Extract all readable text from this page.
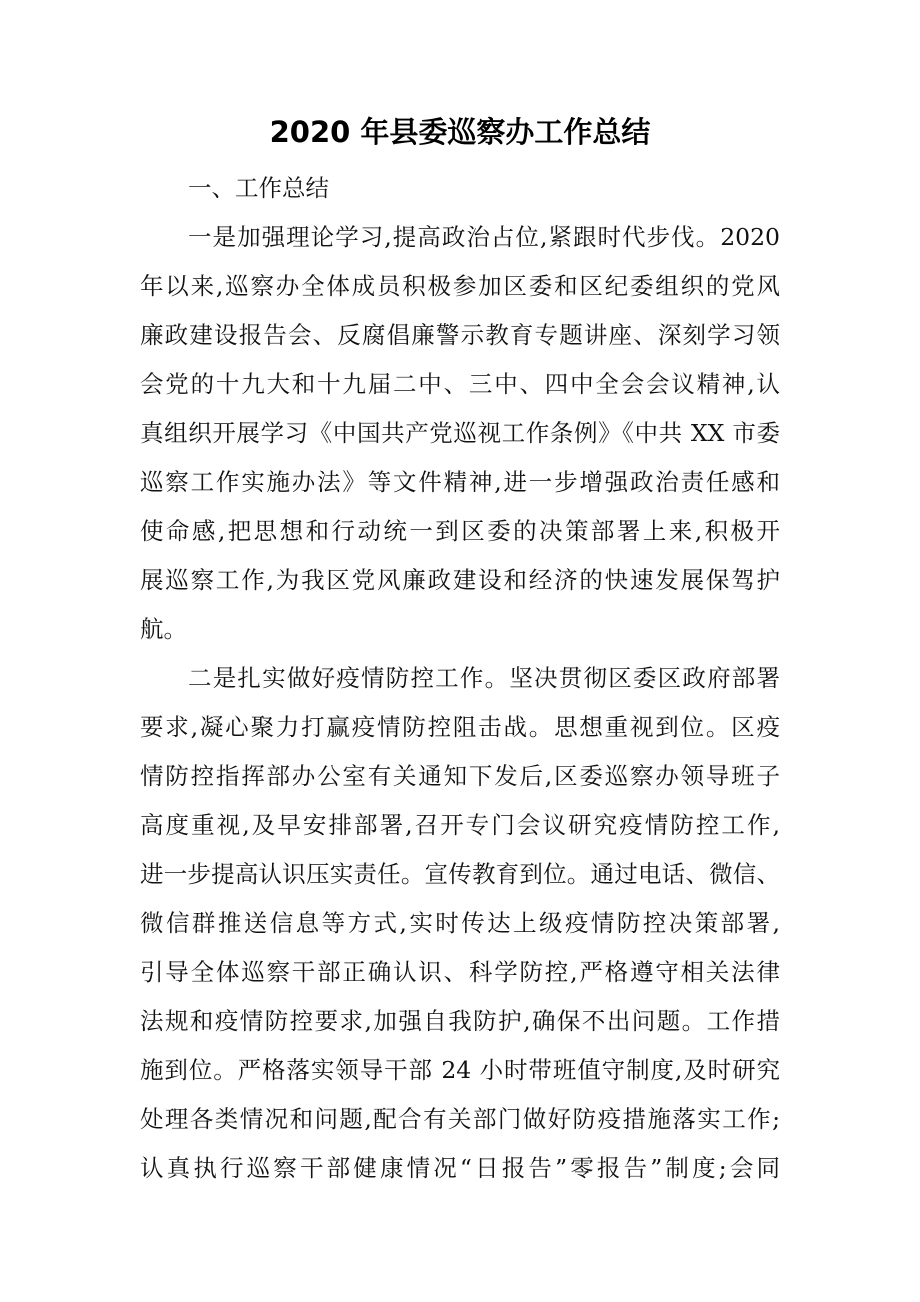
2020 年县委巡察办工作总结
一、工作总结
一是加强理论学习,提高政治占位,紧跟时代步伐。2020
年以来,巡察办全体成员积极参加区委和区纪委组织的党风
廉政建设报告会、反腐倡廉警示教育专题讲座、深刻学习领
会党的十九大和十九届二中、三中、四中全会会议精神,认
真组织开展学习《中国共产党巡视工作条例》《中共 XX 市委
巡察工作实施办法》等文件精神,进一步增强政治责任感和
使命感,把思想和行动统一到区委的决策部署上来,积极开
展巡察工作,为我区党风廉政建设和经济的快速发展保驾护
航。
二是扎实做好疫情防控工作。坚决贯彻区委区政府部署
要求,凝心聚力打赢疫情防控阻击战。思想重视到位。区疫
情防控指挥部办公室有关通知下发后,区委巡察办领导班子
高度重视,及早安排部署,召开专门会议研究疫情防控工作,
进一步提高认识压实责任。宣传教育到位。通过电话、微信、
微信群推送信息等方式,实时传达上级疫情防控决策部署,
引导全体巡察干部正确认识、科学防控,严格遵守相关法律
法规和疫情防控要求,加强自我防护,确保不出问题。工作措
施到位。严格落实领导干部 24 小时带班值守制度,及时研究
处理各类情况和问题,配合有关部门做好防疫措施落实工作;
认真执行巡察干部健康情况“日报告”零报告”制度;会同
